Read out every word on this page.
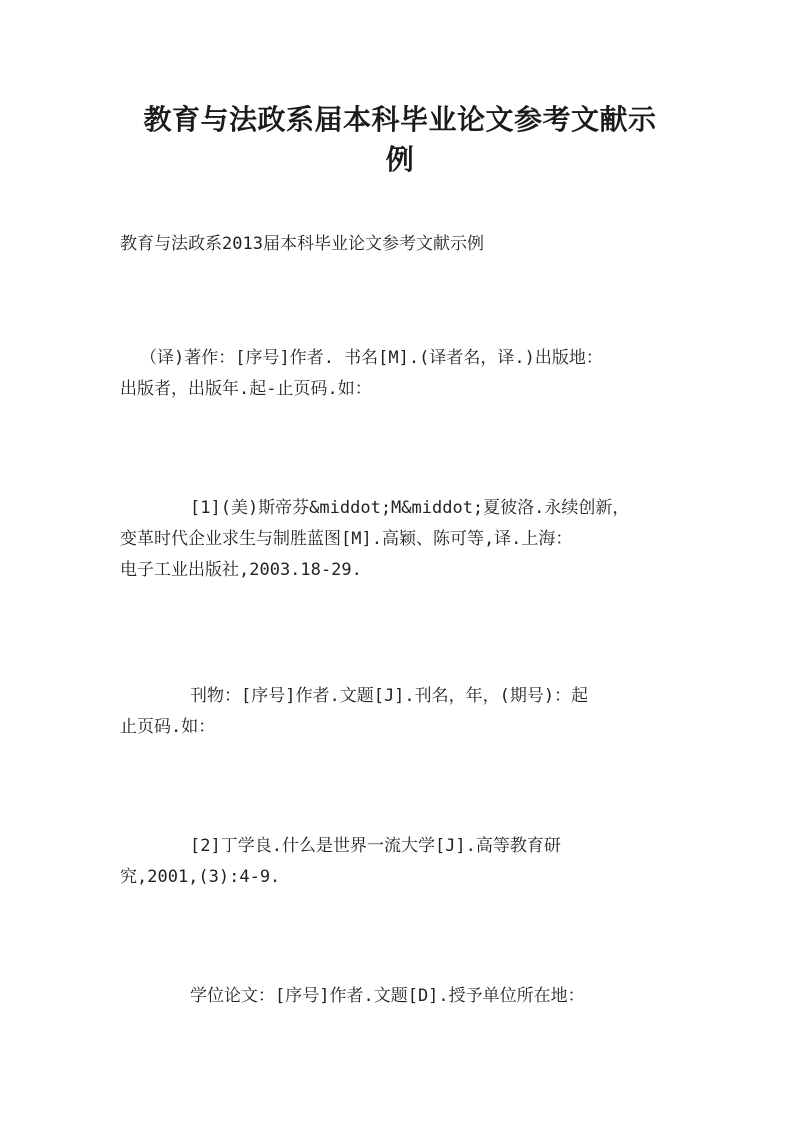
教育与法政系届本科毕业论文参考文献示
例
教育与法政系2013届本科毕业论文参考文献示例
（译)著作：[序号]作者. 书名[M].(译者名，译.)出版地：
出版者，出版年.起-止页码.如：
　　[1](美)斯帝芬&middot;M&middot;夏彼洛.永续创新，
变革时代企业求生与制胜蓝图[M].高颖、陈可等,译.上海：
电子工业出版社,2003.18-29.
　　刊物：[序号]作者.文题[J].刊名，年，(期号)：起
止页码.如：
　　[2]丁学良.什么是世界一流大学[J].高等教育研
究,2001,(3):4-9.
　　学位论文：[序号]作者.文题[D].授予单位所在地：
